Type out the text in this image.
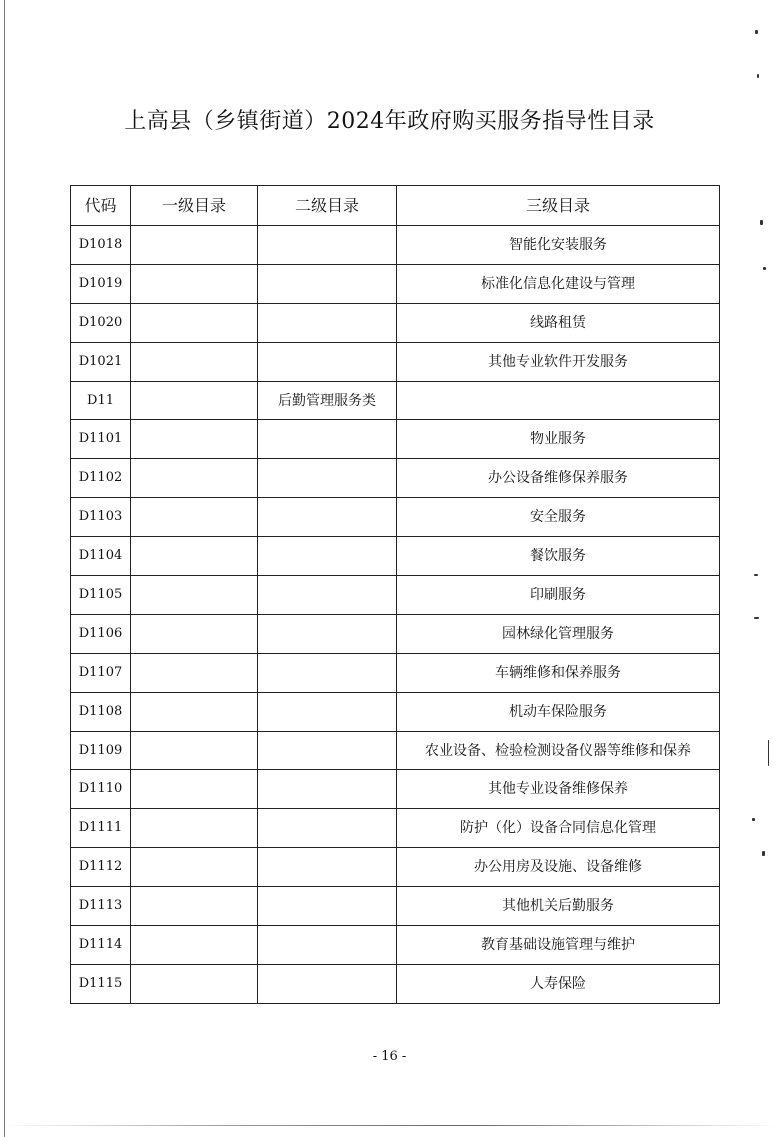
上高县（乡镇街道）2024年政府购买服务指导性目录
代码	一级目录	二级目录	三级目录
D1018			智能化安装服务
D1019			标准化信息化建设与管理
D1020			线路租赁
D1021			其他专业软件开发服务
D11		后勤管理服务类	
D1101			物业服务
D1102			办公设备维修保养服务
D1103			安全服务
D1104			餐饮服务
D1105			印刷服务
D1106			园林绿化管理服务
D1107			车辆维修和保养服务
D1108			机动车保险服务
D1109			农业设备、检验检测设备仪器等维修和保养
D1110			其他专业设备维修保养
D1111			防护（化）设备合同信息化管理
D1112			办公用房及设施、设备维修
D1113			其他机关后勤服务
D1114			教育基础设施管理与维护
D1115			人寿保险
- 16 -
